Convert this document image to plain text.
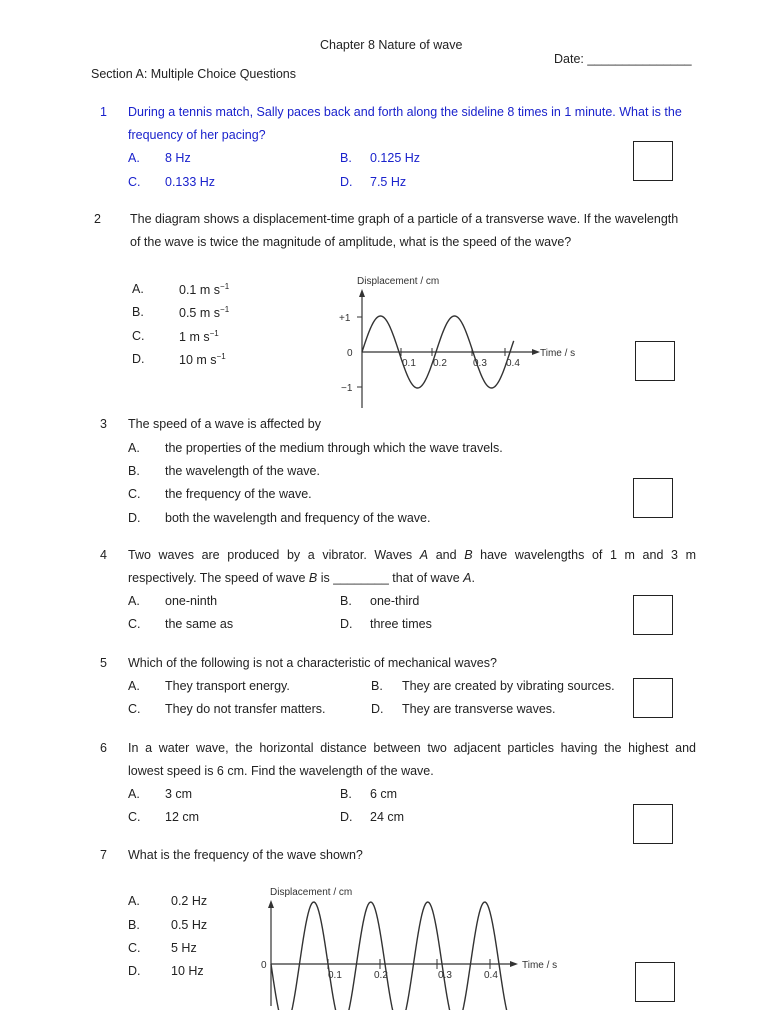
Chapter 8 Nature of wave
Date: _______________
Section A: Multiple Choice Questions
1 During a tennis match, Sally paces back and forth along the sideline 8 times in 1 minute. What is the
frequency of her pacing?
A. 8 Hz	B. 0.125 Hz
C. 0.133 Hz	D. 7.5 Hz
2 The diagram shows a displacement-time graph of a particle of a transverse wave. If the wavelength
of the wave is twice the magnitude of amplitude, what is the speed of the wave?
A.	0.1 m $s^{-1}$
B.	0.5 m $s^{-1}$
C.	1 m $s^{-1}$
D.	10 m $s^{-1}$
Displacement / cm
Time / s
+1
0
−1
0.1 0.2	0.3 0.4
3 The speed of a wave is affected by
A. the properties of the medium through which the wave travels.
B. the wavelength of the wave.
C. the frequency of the wave.
D. both the wavelength and frequency of the wave.
4 Two waves are produced by a vibrator. Waves A and B have wavelengths of 1 m and 3 m
respectively. The speed of wave B is ________ that of wave A.
A. one-ninth	B. one-third
C. the same as	D. three times
5 Which of the following is not a characteristic of mechanical waves?
A. They transport energy.	B. They are created by vibrating sources.
C. They do not transfer matters.	D. They are transverse waves.
6 In a water wave, the horizontal distance between two adjacent particles having the highest and
lowest speed is 6 cm. Find the wavelength of the wave.
A. 3 cm	B. 6 cm
C. 12 cm	D. 24 cm
7 What is the frequency of the wave shown?
A. 0.2 Hz
B. 0.5 Hz
C. 5 Hz
D. 10 Hz
Displacement / cm
Time / s
0
0.1	0.2	0.3	0.4
